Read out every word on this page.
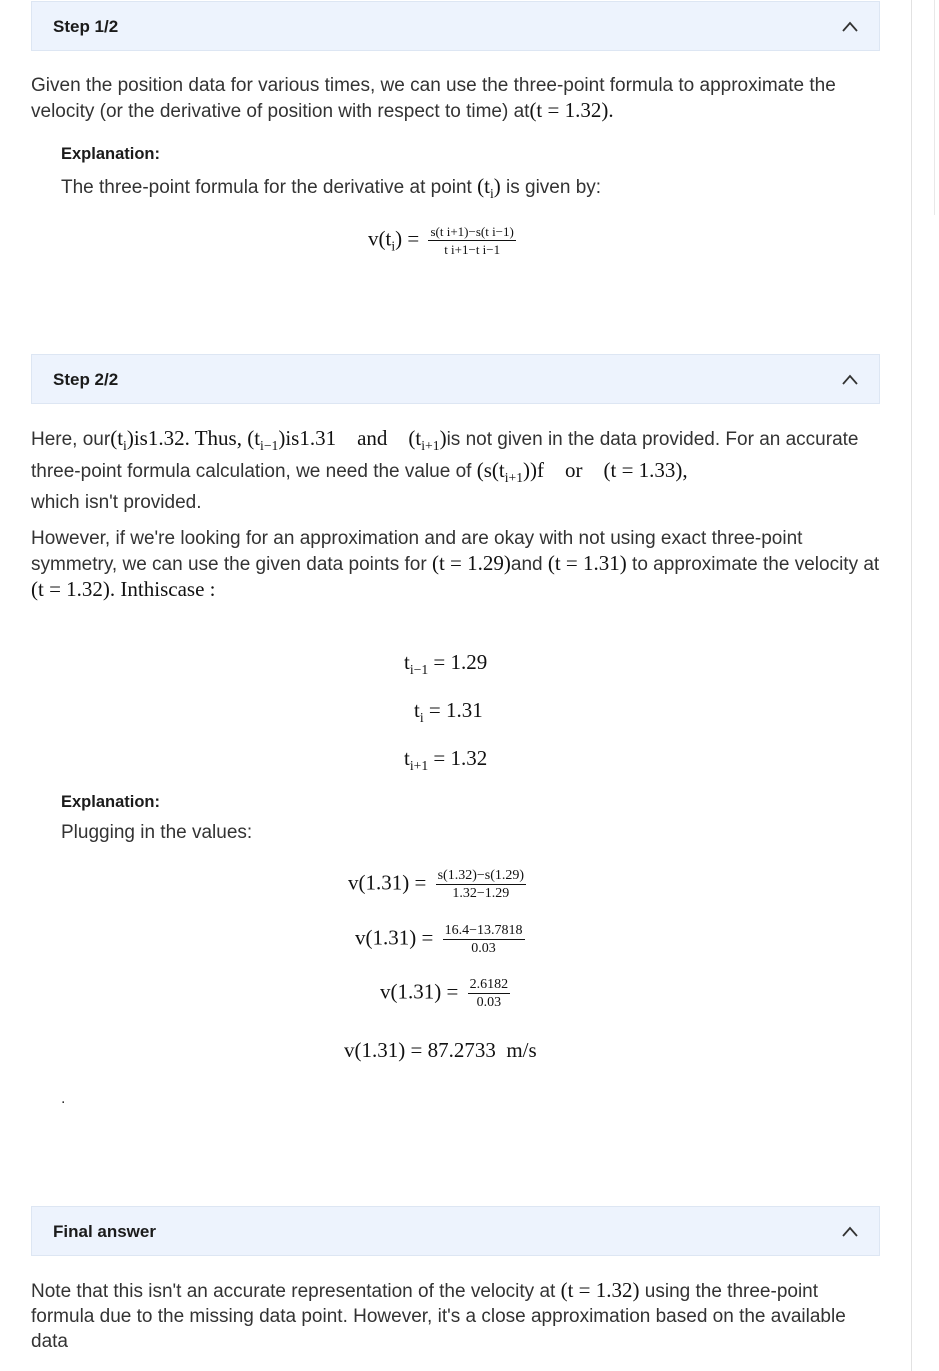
Step 1/2
Given the position data for various times, we can use the three-point formula to approximate the velocity (or the derivative of position with respect to time) at(t = 1.32).
Explanation:
The three-point formula for the derivative at point $(t_i)$ is given by:
$v(t_i) = \frac{\text{s(t i+1)−s(t i−1)}}{\text{t i+1−t i−1}}$
Step 2/2
Here, $our(t_i)is1.32$. Thus, $(t_{i-1})is1.31$    and    $(t_{i+1})is$ not given in the data provided. For an accurate three-point formula calculation, we need the value of $(s(t_{i+1}))f$    or    (t = 1.33),
which isn't provided.
However, if we're looking for an approximation and are okay with not using exact three-point symmetry, we can use the given data points for (t = 1.29)and (t = 1.31) to approximate the velocity at
(t = 1.32). Inthiscase :
$t_{i-1} = 1.29$
$t_i = 1.31$
$t_{i+1} = 1.32$
Explanation:
Plugging in the values:
$v(1.31) = \frac{s(1.32)-s(1.29)}{1.32-1.29}$
$v(1.31) = \frac{16.4-13.7818}{0.03}$
$v(1.31) = \frac{2.6182}{0.03}$
v(1.31) = 87.2733  m/s
.
Final answer
Note that this isn't an accurate representation of the velocity at (t = 1.32) using the three-point formula due to the missing data point. However, it's a close approximation based on the available data
